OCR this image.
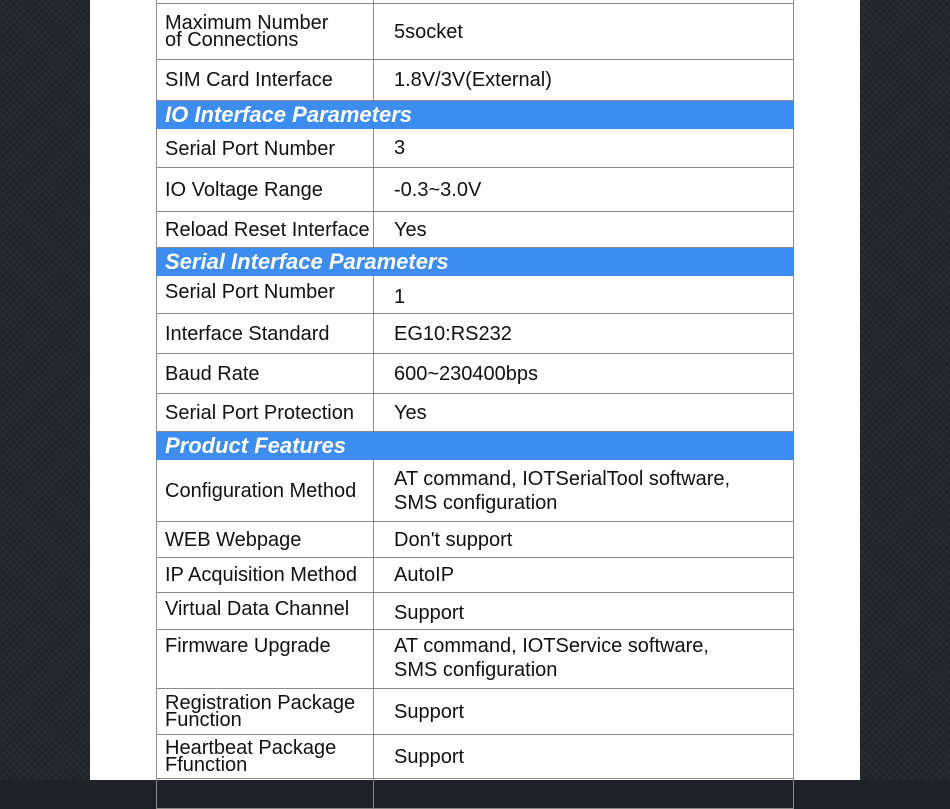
Maximum Number
of Connections	5socket
SIM Card Interface	1.8V/3V(External)
IO Interface Parameters	
Serial Port Number	3
IO Voltage Range	-0.3~3.0V
Reload Reset Interface	Yes
Serial Interface Parameters	
Serial Port Number	1
Interface Standard	EG10:RS232
Baud Rate	600~230400bps
Serial Port Protection	Yes
Product Features	
Configuration Method	AT command, IOTSerialTool software,
SMS configuration

WEB Webpage	Don't support
IP Acquisition Method	AutoIP
Virtual Data Channel	Support
Firmware Upgrade	AT command, IOTService software,
SMS configuration

Registration Package
Function	Support

Heartbeat Package
Ffunction	Support
